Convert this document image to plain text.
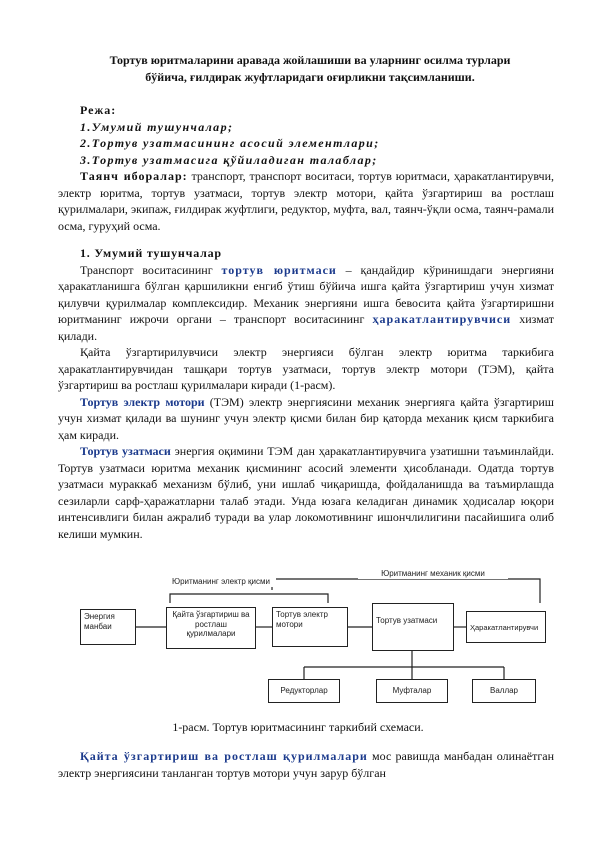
Тортув юритмаларини аравада жойлашиши ва уларнинг осилма турлари
бўйича, ғилдирак жуфтларидаги оғирликни тақсимланиши.
Режа:
1.Умумий тушунчалар;
2.Тортув узатмасининг асосий элементлари;
3.Тортув узатмасига қўйиладиган талаблар;
Таянч иборалар: транспорт, транспорт воситаси, тортув юритмаси, ҳаракатлантирувчи, электр юритма, тортув узатмаси, тортув электр мотори, қайта ўзгартириш ва ростлаш қурилмалари, экипаж, ғилдирак жуфтлиги, редуктор, муфта, вал, таянч-ўқли осма, таянч-рамали осма, гуруҳий осма.
1. Умумий тушунчалар
Транспорт воситасининг тортув юритмаси – қандайдир кўринишдаги энергияни ҳаракатланишга бўлган қаршиликни енгиб ўтиш бўйича ишга қайта ўзгартириш учун хизмат қилувчи қурилмалар комплексидир. Механик энергияни ишга бевосита қайта ўзгартиришни юритманинг ижрочи органи – транспорт воситасининг ҳаракатлантирувчиси хизмат қилади.
Қайта ўзгартирилувчиси электр энергияси бўлган электр юритма таркибига ҳаракатлантирувчидан ташқари тортув узатмаси, тортув электр мотори (ТЭМ), қайта ўзгартириш ва ростлаш қурилмалари киради (1-расм).
Тортув электр мотори (ТЭМ) электр энергиясини механик энергияга қайта ўзгартириш учун хизмат қилади ва шунинг учун электр қисми билан бир қаторда механик қисм таркибига ҳам киради.
Тортув узатмаси энергия оқимини ТЭМ дан ҳаракатлантирувчига узатишни таъминлайди. Тортув узатмаси юритма механик қисмининг асосий элементи ҳисобланади. Одатда тортув узатмаси мураккаб механизм бўлиб, уни ишлаб чиқаришда, фойдаланишда ва таъмирлашда сезиларли сарф-ҳаражатларни талаб этади. Унда юзага келадиган динамик ҳодисалар юқори интенсивлиги билан ажралиб туради ва улар локомотивнинг ишончлилигини пасайишига олиб келиши мумкин.
Юритманинг электр қисми
Юритманинг механик қисми
Энергия манбаи
Қайта ўзгартириш ва ростлаш қурилмалари
Тортув электр мотори	Тортув узатмаси
Ҳаракатлантирувчи
Редукторлар	Муфталар	Валлар
1-расм. Тортув юритмасининг таркибий схемаси.
Қайта ўзгартириш ва ростлаш қурилмалари мос равишда манбадан олинаётган электр энергиясини танланган тортув мотори учун зарур бўлган
